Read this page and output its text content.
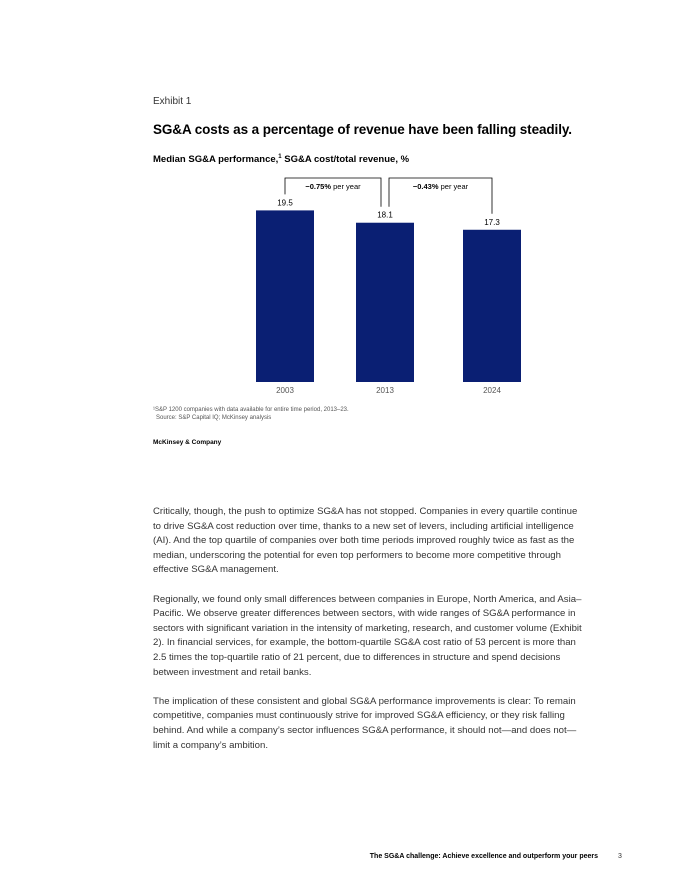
Exhibit 1
SG&A costs as a percentage of revenue have been falling steadily.
Median SG&A performance,$^1$ SG&A cost/total revenue, %
19.5
2003
18.1
2013
17.3
2024
−0.75% per year	−0.43% per year
¹S&P 1200 companies with data available for entire time period, 2013–23.
Source: S&P Capital IQ; McKinsey analysis
McKinsey & Company

Critically, though, the push to optimize SG&A has not stopped. Companies in every quartile continue to drive SG&A cost reduction over time, thanks to a new set of levers, including artificial intelligence (AI). And the top quartile of companies over both time periods improved roughly twice as fast as the median, underscoring the potential for even top performers to become more competitive through effective SG&A management.

Regionally, we found only small differences between companies in Europe, North America, and Asia–Pacific. We observe greater differences between sectors, with wide ranges of SG&A performance in sectors with significant variation in the intensity of marketing, research, and customer volume (Exhibit 2). In financial services, for example, the bottom-quartile SG&A cost ratio of 53 percent is more than 2.5 times the top-quartile ratio of 21 percent, due to differences in structure and spend decisions between investment and retail banks.

The implication of these consistent and global SG&A performance improvements is clear: To remain competitive, companies must continuously strive for improved SG&A efficiency, or they risk falling behind. And while a company’s sector influences SG&A performance, it should not—and does not—limit a company’s ambition.

The SG&A challenge: Achieve excellence and outperform your peers	3
